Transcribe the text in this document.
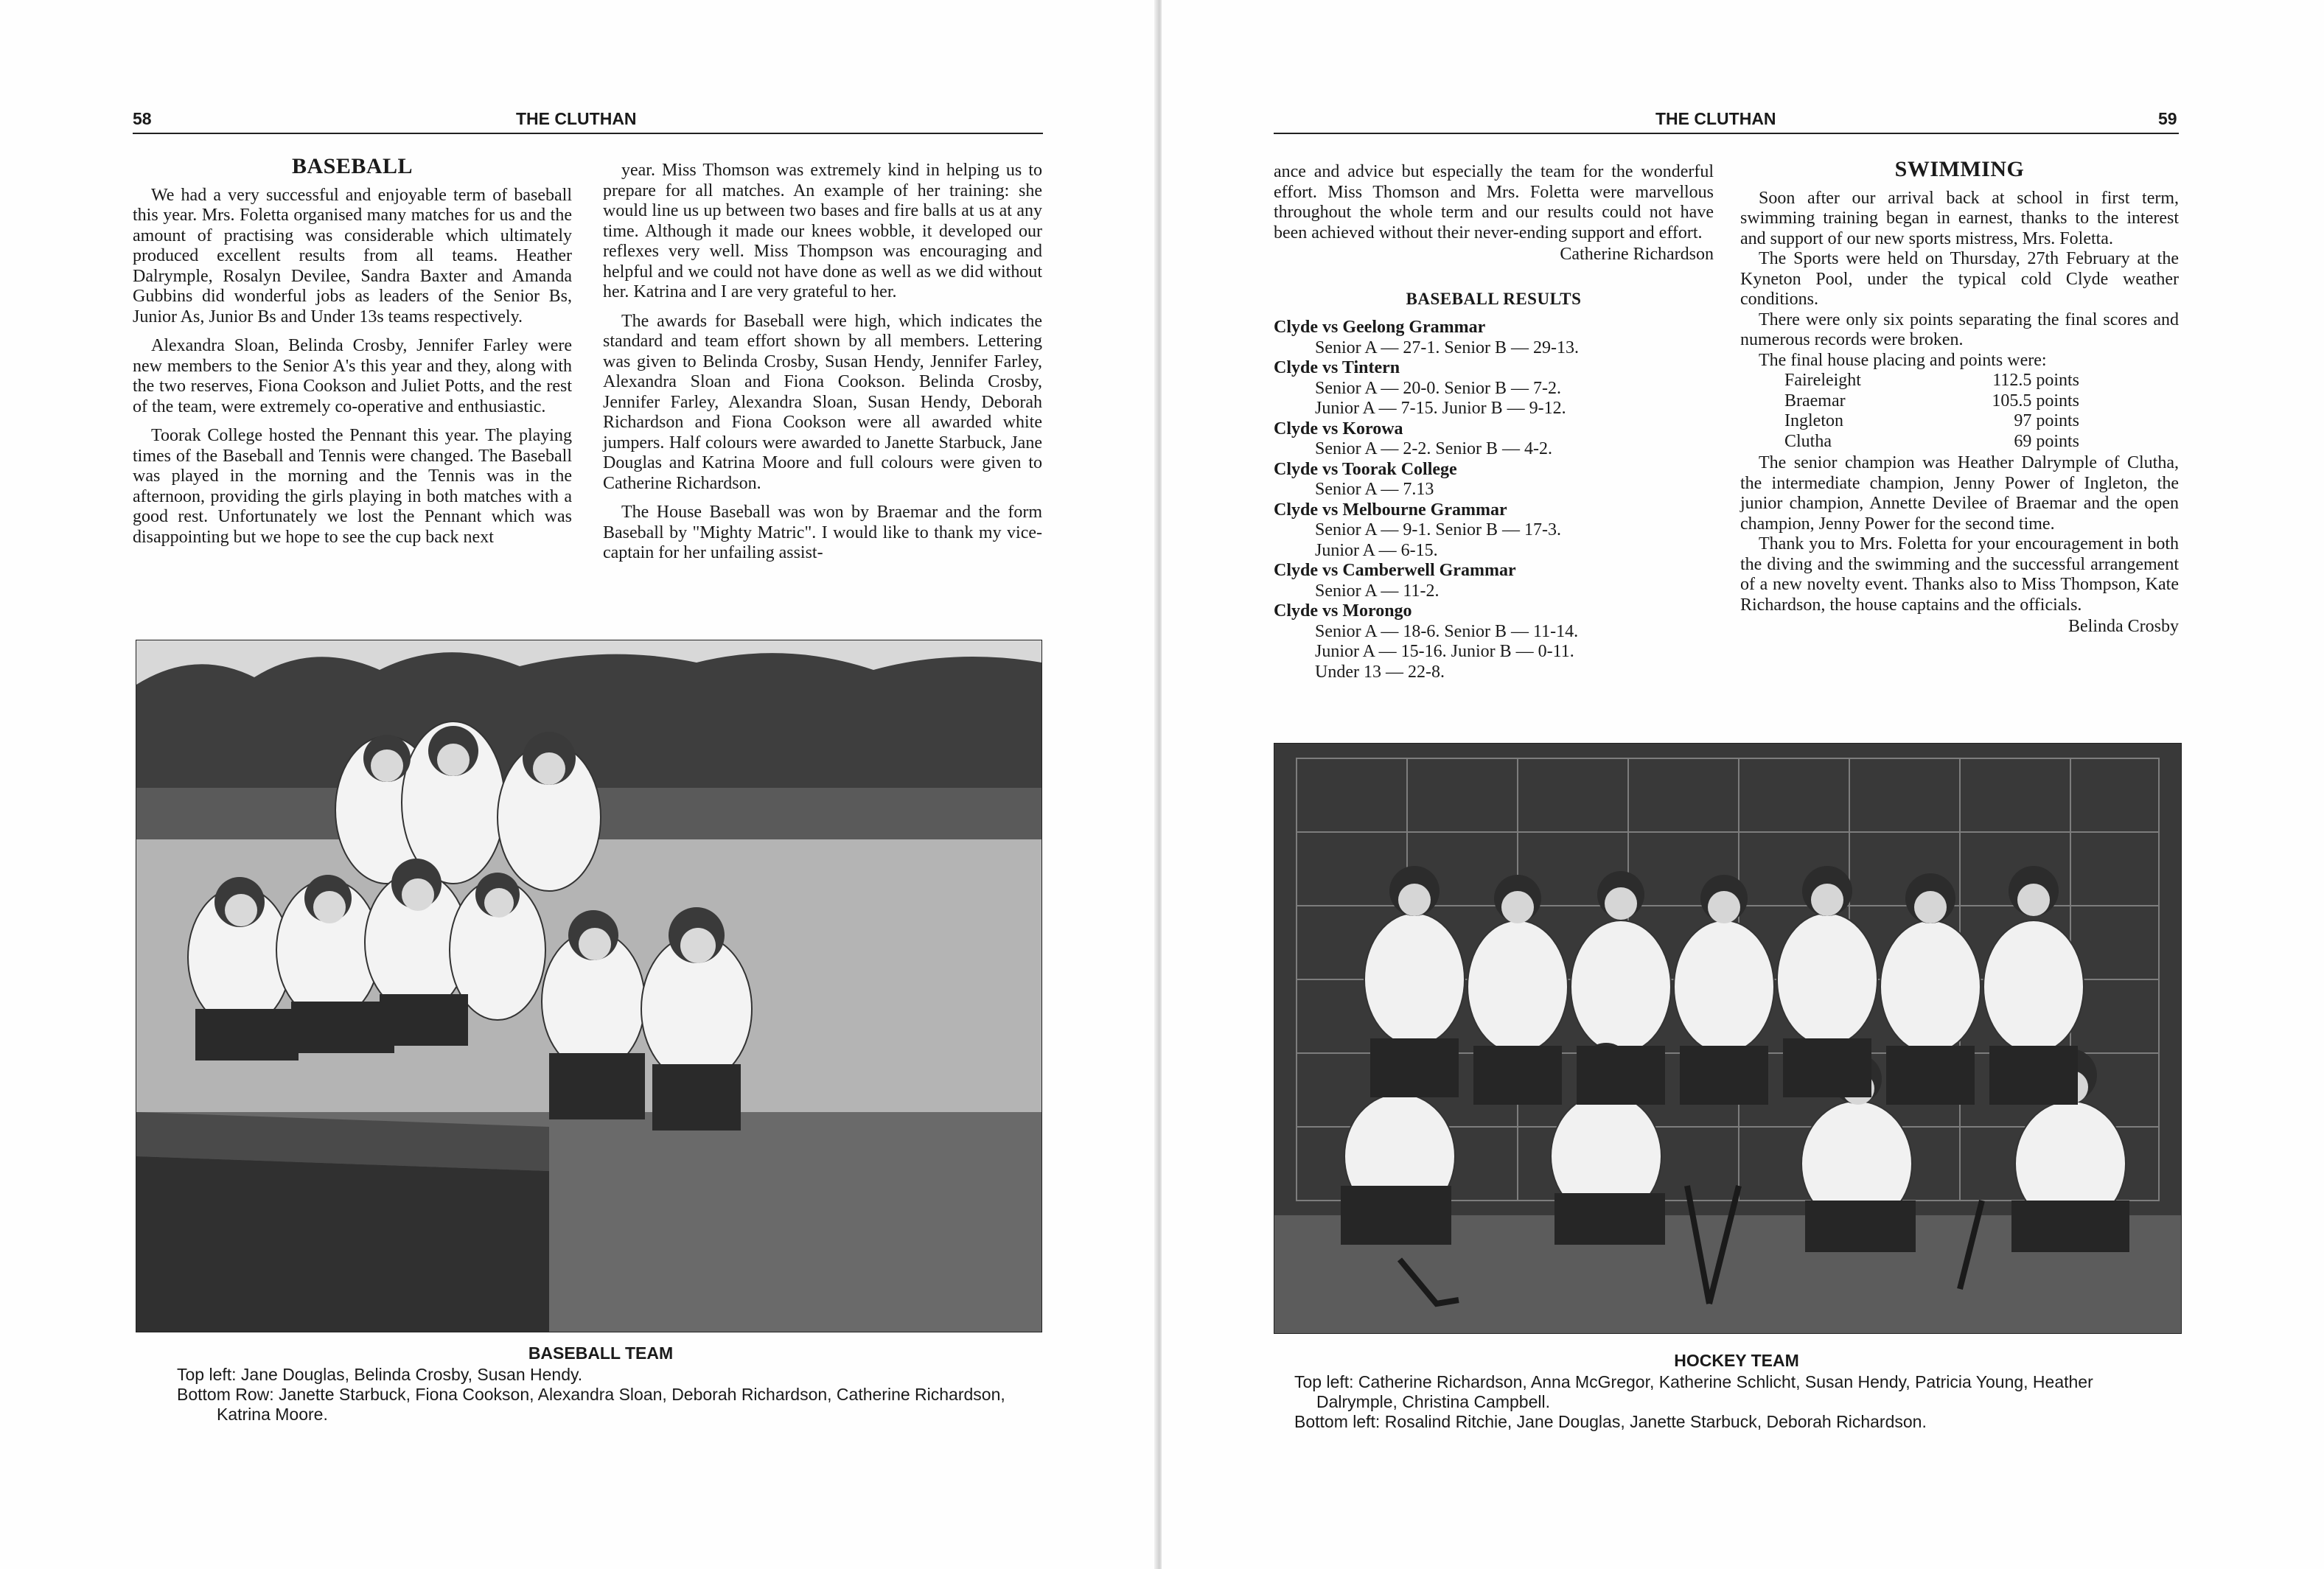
58	THE CLUTHAN
BASEBALL

We had a very successful and enjoyable term of baseball this year. Mrs. Foletta organised many matches for us and the amount of practising was considerable which ultimately produced excellent results from all teams. Heather Dalrymple, Rosalyn Devilee, Sandra Baxter and Amanda Gubbins did wonderful jobs as leaders of the Senior Bs, Junior As, Junior Bs and Under 13s teams respectively.

Alexandra Sloan, Belinda Crosby, Jennifer Farley were new members to the Senior A's this year and they, along with the two reserves, Fiona Cookson and Juliet Potts, and the rest of the team, were extremely co-operative and enthusiastic.

Toorak College hosted the Pennant this year. The playing times of the Baseball and Tennis were changed. The Baseball was played in the morning and the Tennis was in the afternoon, providing the girls playing in both matches with a good rest. Unfortunately we lost the Pennant which was disappointing but we hope to see the cup back next

year. Miss Thomson was extremely kind in helping us to prepare for all matches. An example of her training: she would line us up between two bases and fire balls at us at any time. Although it made our knees wobble, it developed our reflexes very well. Miss Thompson was encouraging and helpful and we could not have done as well as we did without her. Katrina and I are very grateful to her.

The awards for Baseball were high, which indicates the standard and team effort shown by all members. Lettering was given to Belinda Crosby, Susan Hendy, Jennifer Farley, Alexandra Sloan and Fiona Cookson. Belinda Crosby, Jennifer Farley, Alexandra Sloan, Susan Hendy, Deborah Richardson and Fiona Cookson were all awarded white jumpers. Half colours were awarded to Janette Starbuck, Jane Douglas and Katrina Moore and full colours were given to Catherine Richardson.

The House Baseball was won by Braemar and the form Baseball by "Mighty Matric". I would like to thank my vice-captain for her unfailing assist-

BASEBALL TEAM
Top left: Jane Douglas, Belinda Crosby, Susan Hendy.
Bottom Row: Janette Starbuck, Fiona Cookson, Alexandra Sloan, Deborah Richardson, Catherine Richardson, Katrina Moore.
THE CLUTHAN	59

ance and advice but especially the team for the wonderful effort. Miss Thomson and Mrs. Foletta were marvellous throughout the whole term and our results could not have been achieved without their never-ending support and effort.

Catherine Richardson
BASEBALL RESULTS
Clyde vs Geelong Grammar
Senior A — 27-1. Senior B — 29-13.
Clyde vs Tintern
Senior A — 20-0. Senior B — 7-2.
Junior A — 7-15. Junior B — 9-12.
Clyde vs Korowa
Senior A — 2-2. Senior B — 4-2.
Clyde vs Toorak College
Senior A — 7.13
Clyde vs Melbourne Grammar
Senior A — 9-1. Senior B — 17-3.
Junior A — 6-15.
Clyde vs Camberwell Grammar
Senior A — 11-2.
Clyde vs Morongo
Senior A — 18-6. Senior B — 11-14.
Junior A — 15-16. Junior B — 0-11.
Under 13 — 22-8.
SWIMMING

Soon after our arrival back at school in first term, swimming training began in earnest, thanks to the interest and support of our new sports mistress, Mrs. Foletta.

The Sports were held on Thursday, 27th February at the Kyneton Pool, under the typical cold Clyde weather conditions.

There were only six points separating the final scores and numerous records were broken.

The final house placing and points were:

Faireleight	112.5 points
Braemar	105.5 points
Ingleton	97 points
Clutha	69 points

The senior champion was Heather Dalrymple of Clutha, the intermediate champion, Jenny Power of Ingleton, the junior champion, Annette Devilee of Braemar and the open champion, Jenny Power for the second time.

Thank you to Mrs. Foletta for your encouragement in both the diving and the swimming and the successful arrangement of a new novelty event. Thanks also to Miss Thompson, Kate Richardson, the house captains and the officials.

Belinda Crosby
HOCKEY TEAM
Top left: Catherine Richardson, Anna McGregor, Katherine Schlicht, Susan Hendy, Patricia Young, Heather Dalrymple, Christina Campbell.
Bottom left: Rosalind Ritchie, Jane Douglas, Janette Starbuck, Deborah Richardson.
